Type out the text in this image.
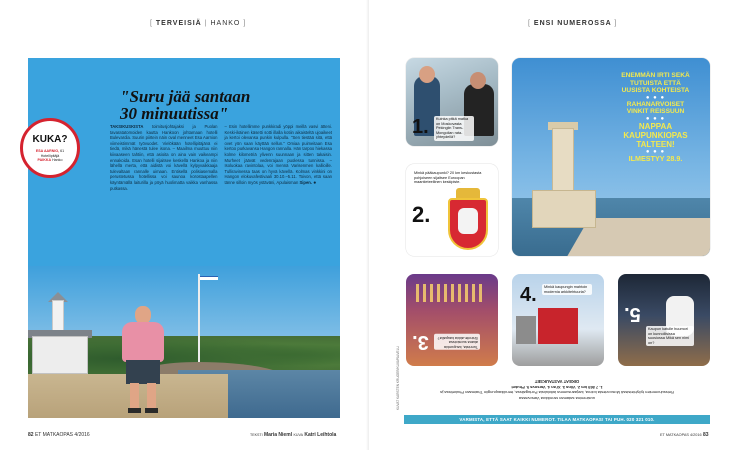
[ TERVEISIÄ | HANKO ]
"Suru jää santaan 30 minuutissa"
TAKSIKUSKISTA toimitusjohtajaksi ja Puolan tavaratatomoiden kautta Hankoon johtamaan hotelli Bulevardia. Suurin piirtein näin oval menneet Esa Aarnion viimeistimmät työvuodet. Vielökään hotellipitäjänä ei tiedä, mikä hänestä tulee isona. – Maailma muuttuu niin kiivaaseen tahtiin, että asioita on aina vain vaikeampi ennakoida. Esan hotelli sijaitsee keskellä Hankoa ja niin lähellä merta, että aidistä voi kävellä kylpyvaikkaaja tulevaltaan rannalle uimaan. Entisellä polisiasemalla perustetussa hotellissa voi saunoa korostaapellen käyntämällä laiturilla ja pöyä huolimatta vaikka vanhassa putkassa.
– Esin hotellimme punkkiradi yöppi meillä vasvi ätteni. Keski-ikäinen käsetti sotti illalla kotiin aikaisteltä ujoaikeet ja kertoi olevansa punkin kulpulla. "Sen tiestää sitä, että ovet yön saan käyttää sellun." Omiaa puimeitaan Esa kertoo purkavansa Hangon rannalla. Hän tarpoo hiekassa kolme kilometriä ylivenn suunnaan ja sitten takaisin. Murheet jäävät vedenrajaan puolessa tunnissa. – Isoluokaa ravintolaa, voi mennä Varisenmen kallioille. Tulliravinessa taas on hyvä kävellä. Kolmas vinkkini on Hangon elokuvafestivaali 30.10.–5.11. Toivon, että saan tänne silloin myös ystäväni, Apulaisman Sipen. ●
KUKA?
ESA AARNIO, 61
Hotellipitäjä
PAIKKA Hanko
82 ET MATKAOPAS 4/2016	TEKSTI Maria Nieml KUVA Katri Leihtola
[ ENSI NUMEROSSA ]
1.	Kuinka pitkä matka on Moskovasta Pekingiin Trans-Mongolian rata-yhteydellä?
Minkä pääkaupunki? 20 km keskustasta pohjoiseen sijaitsee Euroopan maantieteellinen keskipiste.
2.
ENEMMÄN IRTI SEKÄ
TUTUISTA ETTÄ
UUSISTA KOHTEISTA
● ● ●
RAHANARVOISET
VINKIT REISSUUN
● ● ●
NAPPAA
KAUPUNKIOPAS
TALTEEN!
● ● ●
ILMESTYY 28.9.
3.	Tunnista, kaupunkia akana suosioissa Shiroite-akkia kaupalla?
4.	Minkä kaupungin mahtoin modernia arkkitehtuuria?
5.
Kaupun katulle huumori on kunnollisissa suosiossa Mikä sen nimi on?
uusimmina sataman rannikkoa Varsovassa
Reissuhommien työyhteisissä Moscoviesta koiroa, karjaansumma laitoluksia Portugalissa, trendikaupungiin Thaimaan Phuketissa ja
1. 7 865 km 2. Vilna 3. Xi'an 4. Varsova 5. Phuket
OIKEAT VASTAUKSET
VARMISTA, ETTÄ SAAT KAIKKI NUMEROT. TILAA MATKAOPAS! TAI PUH. 020 321 010.
KUVAT KARSTEN KRUGER/KUVAPALVELU
ET MATKAOPAS 4/2016 83
